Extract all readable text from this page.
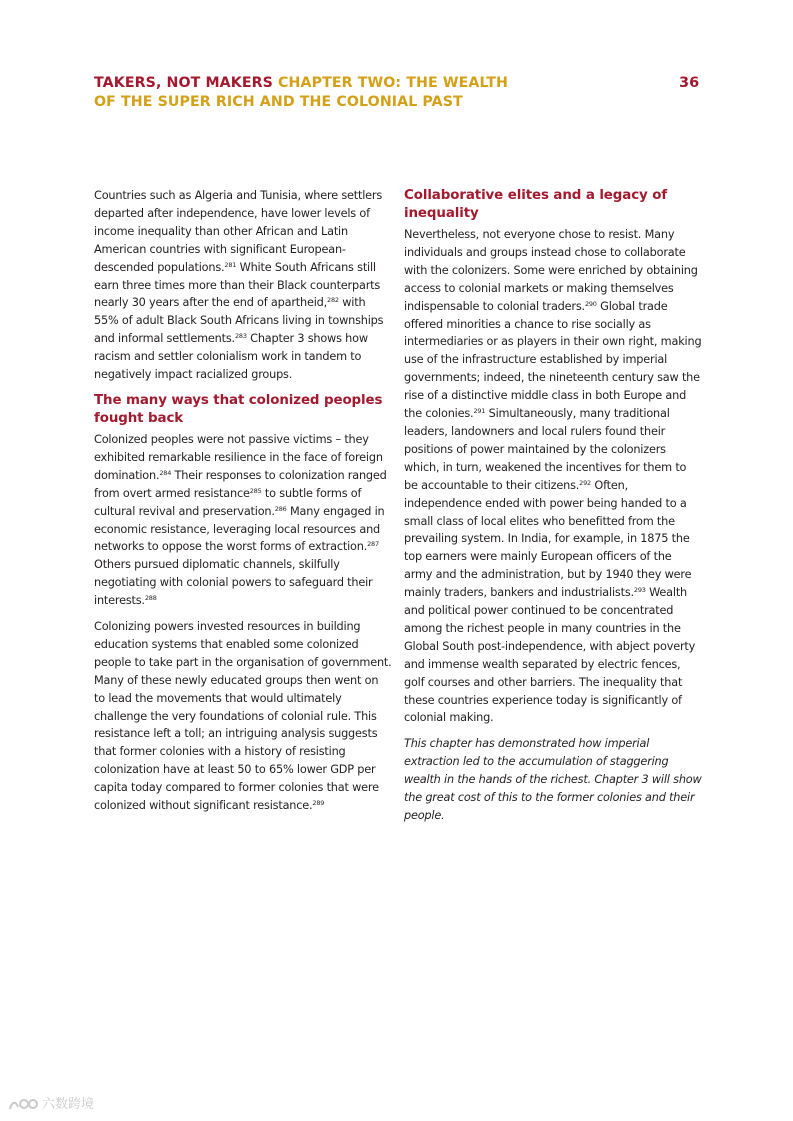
TAKERS, NOT MAKERS CHAPTER TWO: THE WEALTH OF THE SUPER RICH AND THE COLONIAL PAST
36

Countries such as Algeria and Tunisia, where settlers departed after independence, have lower levels of income inequality than other African and Latin American countries with significant European-descended populations.$^{281}$ White South Africans still earn three times more than their Black counterparts nearly 30 years after the end of apartheid,$^{282}$ with 55% of adult Black South Africans living in townships and informal settlements.$^{283}$ Chapter 3 shows how racism and settler colonialism work in tandem to negatively impact racialized groups.

The many ways that colonized peoples fought back

Colonized peoples were not passive victims – they exhibited remarkable resilience in the face of foreign domination.$^{284}$ Their responses to colonization ranged from overt armed resistance$^{285}$ to subtle forms of cultural revival and preservation.$^{286}$ Many engaged in economic resistance, leveraging local resources and networks to oppose the worst forms of extraction.$^{287}$ Others pursued diplomatic channels, skilfully negotiating with colonial powers to safeguard their interests.$^{288}$

Colonizing powers invested resources in building education systems that enabled some colonized people to take part in the organisation of government. Many of these newly educated groups then went on to lead the movements that would ultimately challenge the very foundations of colonial rule. This resistance left a toll; an intriguing analysis suggests that former colonies with a history of resisting colonization have at least 50 to 65% lower GDP per capita today compared to former colonies that were colonized without significant resistance.$^{289}$

Collaborative elites and a legacy of inequality

Nevertheless, not everyone chose to resist. Many individuals and groups instead chose to collaborate with the colonizers. Some were enriched by obtaining access to colonial markets or making themselves indispensable to colonial traders.$^{290}$ Global trade offered minorities a chance to rise socially as intermediaries or as players in their own right, making use of the infrastructure established by imperial governments; indeed, the nineteenth century saw the rise of a distinctive middle class in both Europe and the colonies.$^{291}$ Simultaneously, many traditional leaders, landowners and local rulers found their positions of power maintained by the colonizers which, in turn, weakened the incentives for them to be accountable to their citizens.$^{292}$ Often, independence ended with power being handed to a small class of local elites who benefitted from the prevailing system. In India, for example, in 1875 the top earners were mainly European officers of the army and the administration, but by 1940 they were mainly traders, bankers and industrialists.$^{293}$ Wealth and political power continued to be concentrated among the richest people in many countries in the Global South post-independence, with abject poverty and immense wealth separated by electric fences, golf courses and other barriers. The inequality that these countries experience today is significantly of colonial making.

This chapter has demonstrated how imperial extraction led to the accumulation of staggering wealth in the hands of the richest. Chapter 3 will show the great cost of this to the former colonies and their people.

六数跨境
